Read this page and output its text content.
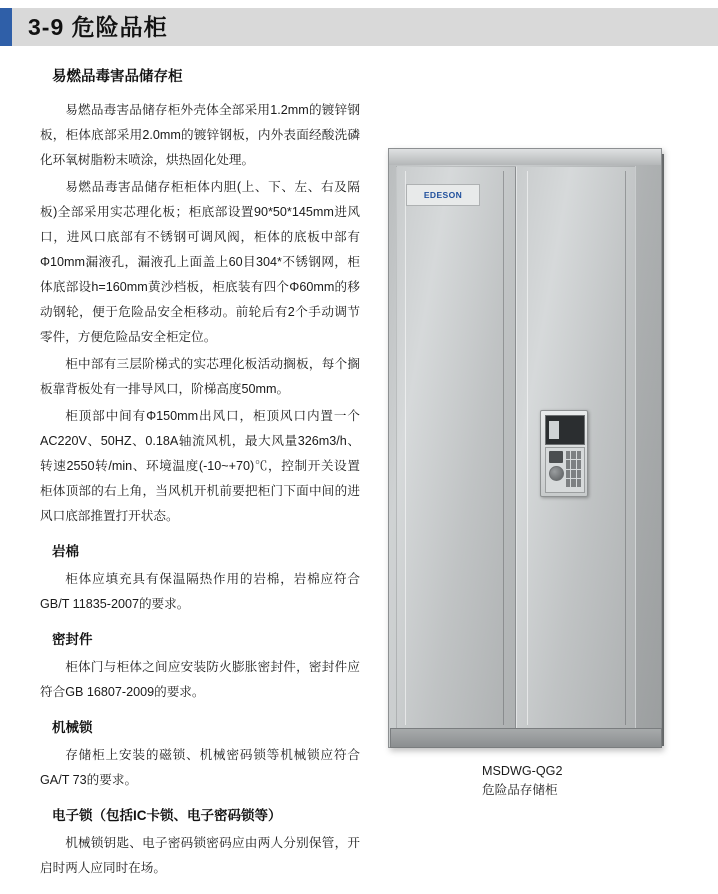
3-9 危险品柜
易燃品毒害品储存柜

易燃品毒害品储存柜外壳体全部采用1.2mm的镀锌钢板，柜体底部采用2.0mm的镀锌钢板，内外表面经酸洗磷化环氧树脂粉末喷涂，烘热固化处理。

易燃品毒害品储存柜柜体内胆(上、下、左、右及隔板)全部采用实芯理化板；柜底部设置90*50*145mm进风口，进风口底部有不锈钢可调风阀，柜体的底板中部有Φ10mm漏液孔，漏液孔上面盖上60目304*不锈钢网，柜体底部设h=160mm黄沙档板，柜底装有四个Φ60mm的移动钢轮，便于危险品安全柜移动。前轮后有2个手动调节零件，方便危险品安全柜定位。

柜中部有三层阶梯式的实芯理化板活动搁板，每个搁板靠背板处有一排导风口，阶梯高度50mm。

柜顶部中间有Φ150mm出风口，柜顶风口内置一个AC220V、50HZ、0.18A轴流风机，最大风量326m3/h、转速2550转/min、环境温度(-10~+70)℃，控制开关设置柜体顶部的右上角，当风机开机前要把柜门下面中间的进风口底部推置打开状态。

岩棉

柜体应填充具有保温隔热作用的岩棉，岩棉应符合GB/T 11835-2007的要求。

密封件

柜体门与柜体之间应安装防火膨胀密封件，密封件应符合GB 16807-2009的要求。

机械锁

存储柜上安装的磁锁、机械密码锁等机械锁应符合GA/T 73的要求。

电子锁（包括IC卡锁、电子密码锁等）

机械锁钥匙、电子密码锁密码应由两人分别保管，开启时两人应同时在场。

EDESON
MSDWG-QG2
危险品存储柜
